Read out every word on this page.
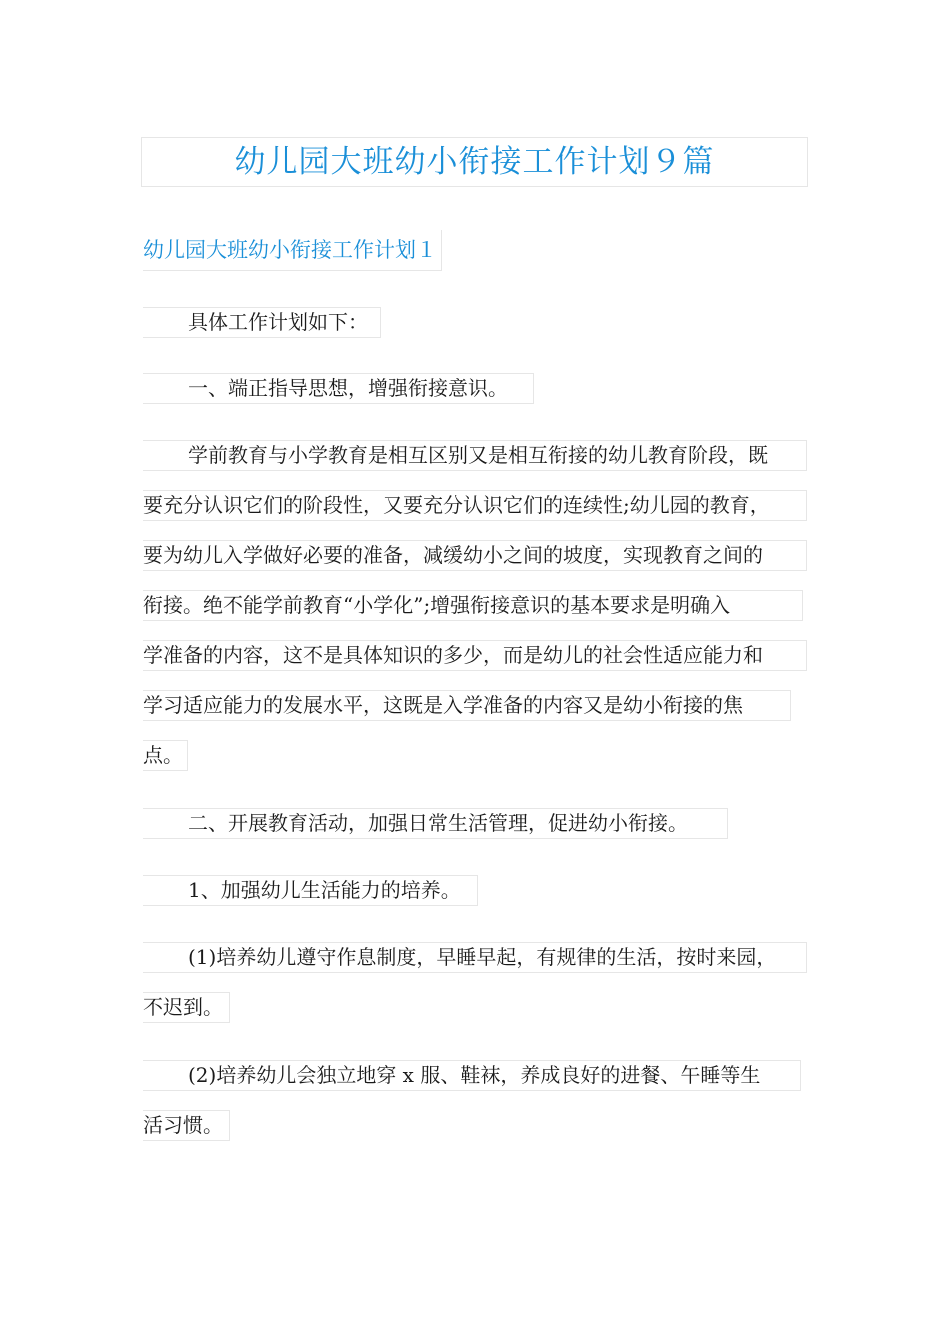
幼儿园大班幼小衔接工作计划９篇
幼儿园大班幼小衔接工作计划１
具体工作计划如下：
一、端正指导思想，增强衔接意识。
学前教育与小学教育是相互区别又是相互衔接的幼儿教育阶段，既
要充分认识它们的阶段性，又要充分认识它们的连续性;幼儿园的教育，
要为幼儿入学做好必要的准备，减缓幼小之间的坡度，实现教育之间的
衔接。绝不能学前教育“小学化”;增强衔接意识的基本要求是明确入
学准备的内容，这不是具体知识的多少，而是幼儿的社会性适应能力和
学习适应能力的发展水平，这既是入学准备的内容又是幼小衔接的焦
点。
二、开展教育活动，加强日常生活管理，促进幼小衔接。
1、加强幼儿生活能力的培养。
(1)培养幼儿遵守作息制度，早睡早起，有规律的生活，按时来园，
不迟到。
(2)培养幼儿会独立地穿 x 服、鞋袜，养成良好的进餐、午睡等生
活习惯。
